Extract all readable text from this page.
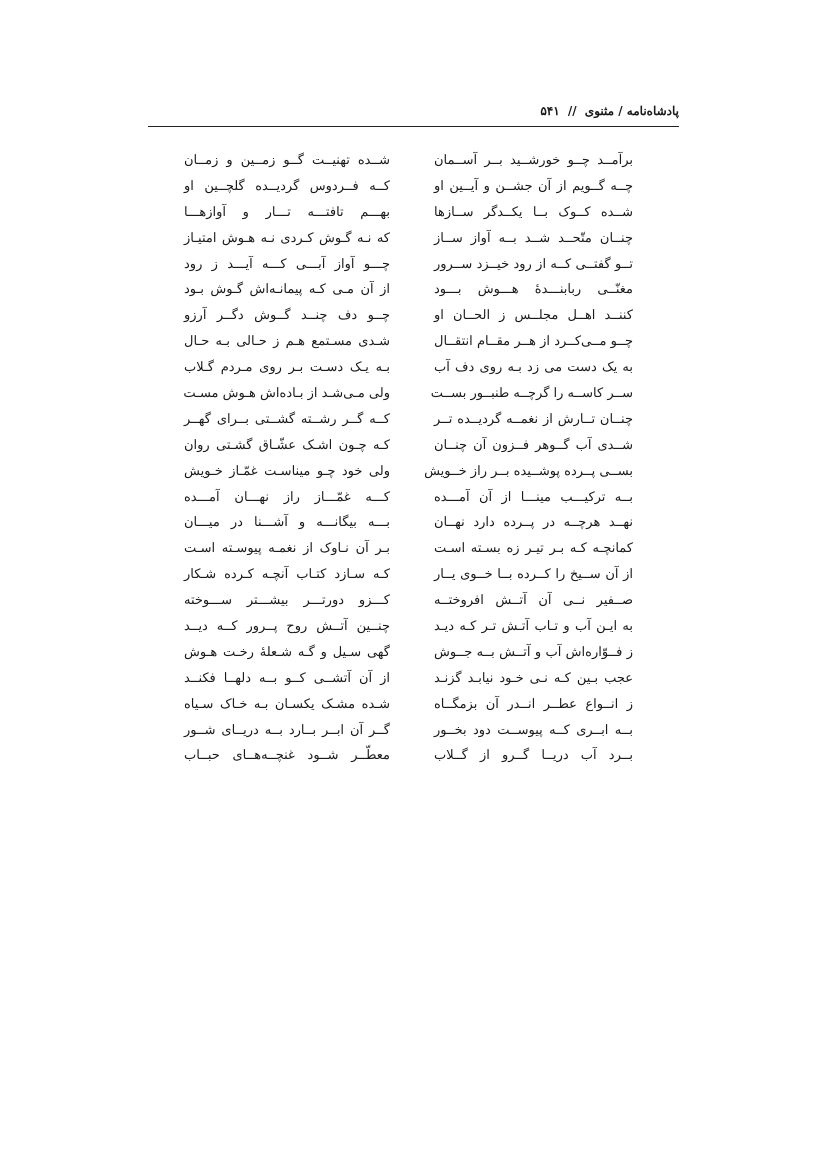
پادشاه‌نامه / مثنوی // ۵۴۱
برآمــد چــو خورشــید بــر آســمان
چــه گــویم از آن جشــن و آیــین او
شــده کــوک بــا یکــدگر ســازها
چنــان متّحــد شــد بــه آواز ســاز
تــو گفتــی کــه از رود خیــزد ســرور
مغنّــی ربابنـــدهٔ هـــوش بـــود
کننــد اهــل مجلــس ز الحــان او
چــو مــی‌کــرد از هــر مقــام انتقــال
به یک دست می زد بـه روی دف آب
ســر کاســه را گرچــه طنبــور بســت
چنــان تــارش از نغمــه گردیــده تــر
شــدی آب گــوهر فــزون آن چنــان
بســی پــرده پوشــیده بــر راز خــویش
بــه ترکیـــب مینـــا از آن آمـــده
نهــد هرچــه در پــرده دارد نهــان
کمانچـه کـه بـر تیـر زه بسـته اسـت
از آن ســیخ را کــرده بــا خــوی یــار
صــفیر نــی آن آتــش افروختــه
به ایـن آب و تـاب آتـش تـر کـه دیـد
ز فــوّاره‌اش آب و آتــش بــه جــوش
عجب بـین کـه نـی خـود نیابـد گزنـد
ز انــواع عطــر انــدر آن بزمگــاه
بــه ابــری کــه پیوســت دود بخــور
بــرد آب دریــا گــرو از گــلاب
شــده تهنیــت گــو زمــین و زمــان
کــه فــردوس گردیــده گلچــین او
بهـــم تافتـــه تـــار و آوازهـــا
که نـه گـوش کـردی نـه هـوش امتیـاز
چـــو آواز آبـــی کـــه آیـــد ز رود
از آن مـی کـه پیمانـه‌اش گـوش بـود
چــو دف چنــد گــوش دگــر آرزو
شـدی مسـتمع هـم ز حـالی بـه حـال
بـه یـک دسـت بـر روی مـردم گـلاب
ولی مـی‌شـد از بـاده‌اش هـوش مسـت
کــه گــر رشــته گشــتی بــرای گهــر
کـه چـون اشـک عشّـاق گشـتی روان
ولی خود چـو میناسـت غمّـاز خـویش
کـــه غمّـــاز راز نهـــان آمـــده
بـــه بیگانـــه و آشـــنا در میـــان
بـر آن نـاوک از نغمـه پیوسـته اسـت
کـه سـازد کتـاب آنچـه کـرده شـکار
کـــزو دورتـــر بیشـــتر ســـوخته
چنــین آتــش روح پــرور کــه دیــد
گهی سـیل و گـه شـعلهٔ رخـت هـوش
از آن آتشــی کــو بــه دلهــا فکنــد
شـده مشـک یکسـان بـه خـاک سـیاه
گــر آن ابــر بــارد بــه دریــای شــور
معطّــر شــود غنچــه‌هــای حبــاب
